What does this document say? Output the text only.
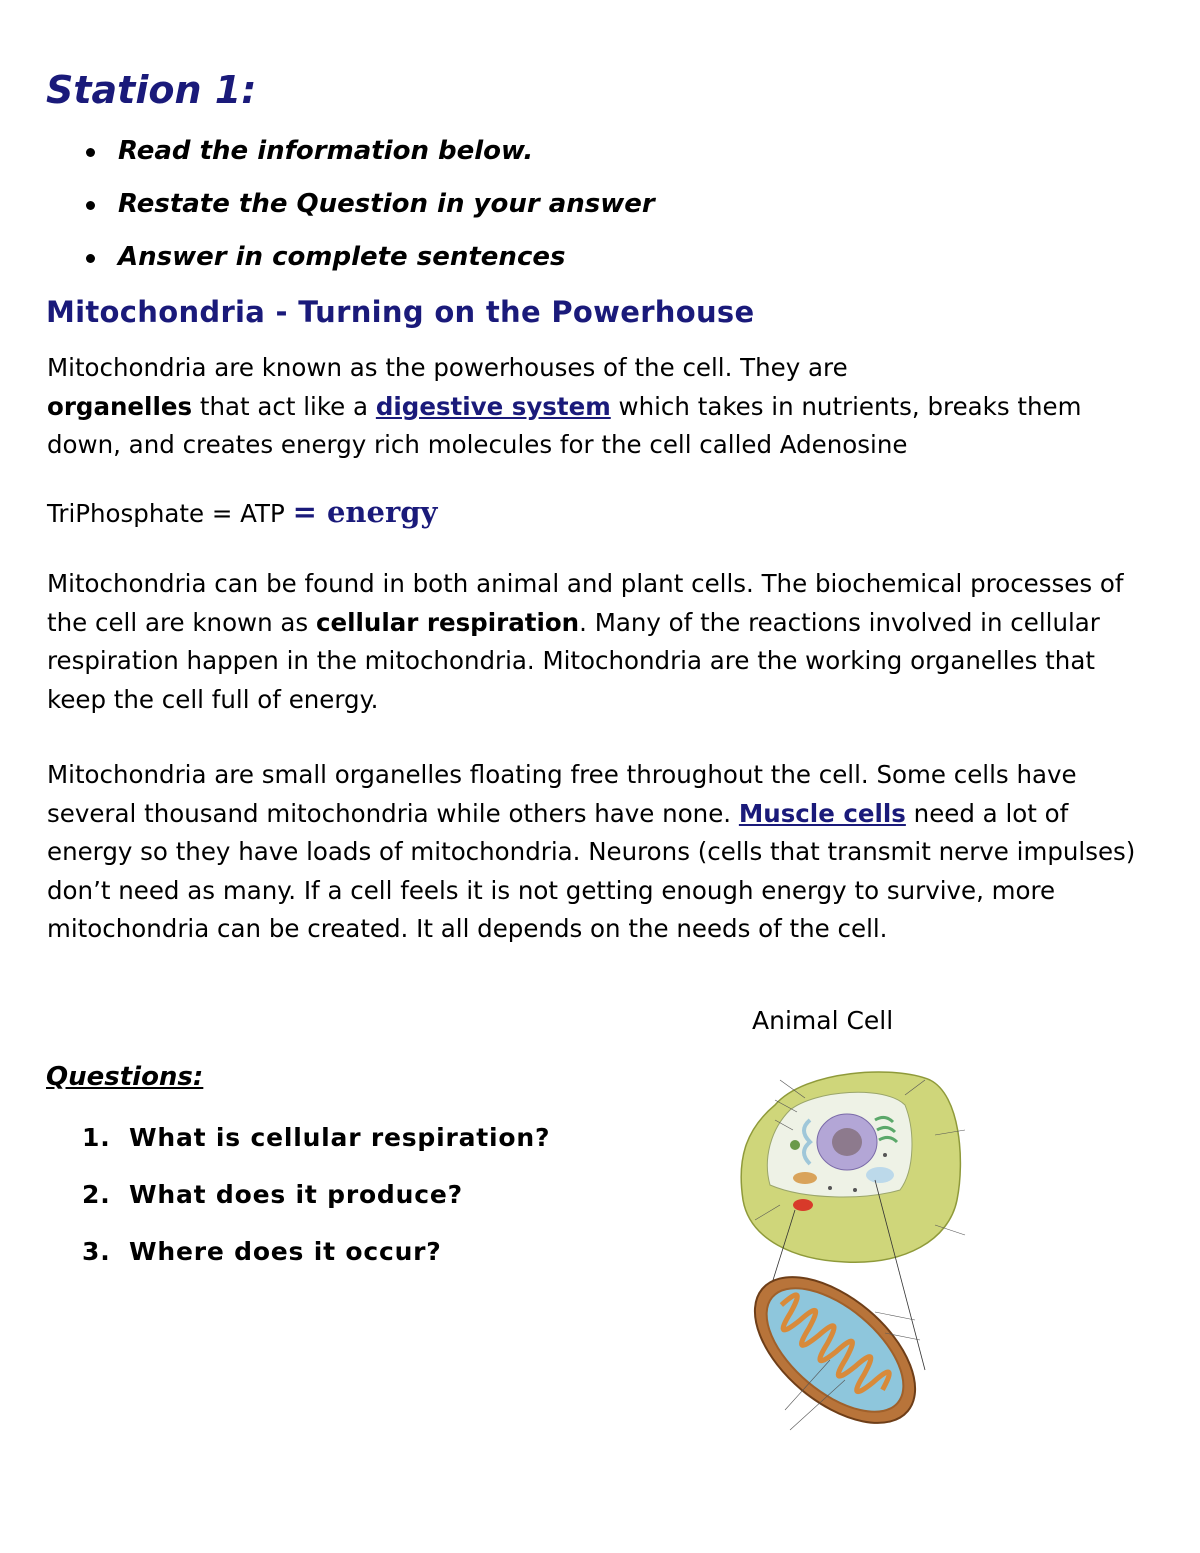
Station 1:
Read the information below.
Restate the Question in your answer
Answer in complete sentences
Mitochondria - Turning on the Powerhouse

Mitochondria are known as the powerhouses of the cell. They are
organelles that act like a digestive system which takes in nutrients, breaks them down, and creates energy rich molecules for the cell called Adenosine

TriPhosphate = ATP = energy

Mitochondria can be found in both animal and plant cells. The biochemical processes of the cell are known as cellular respiration. Many of the reactions involved in cellular respiration happen in the mitochondria. Mitochondria are the working organelles that keep the cell full of energy.

Mitochondria are small organelles floating free throughout the cell. Some cells have several thousand mitochondria while others have none. Muscle cells need a lot of energy so they have loads of mitochondria. Neurons (cells that transmit nerve impulses) don’t need as many. If a cell feels it is not getting enough energy to survive, more mitochondria can be created. It all depends on the needs of the cell.

Animal Cell
Questions:
1. What is cellular respiration?
2. What does it produce?
3. Where does it occur?
